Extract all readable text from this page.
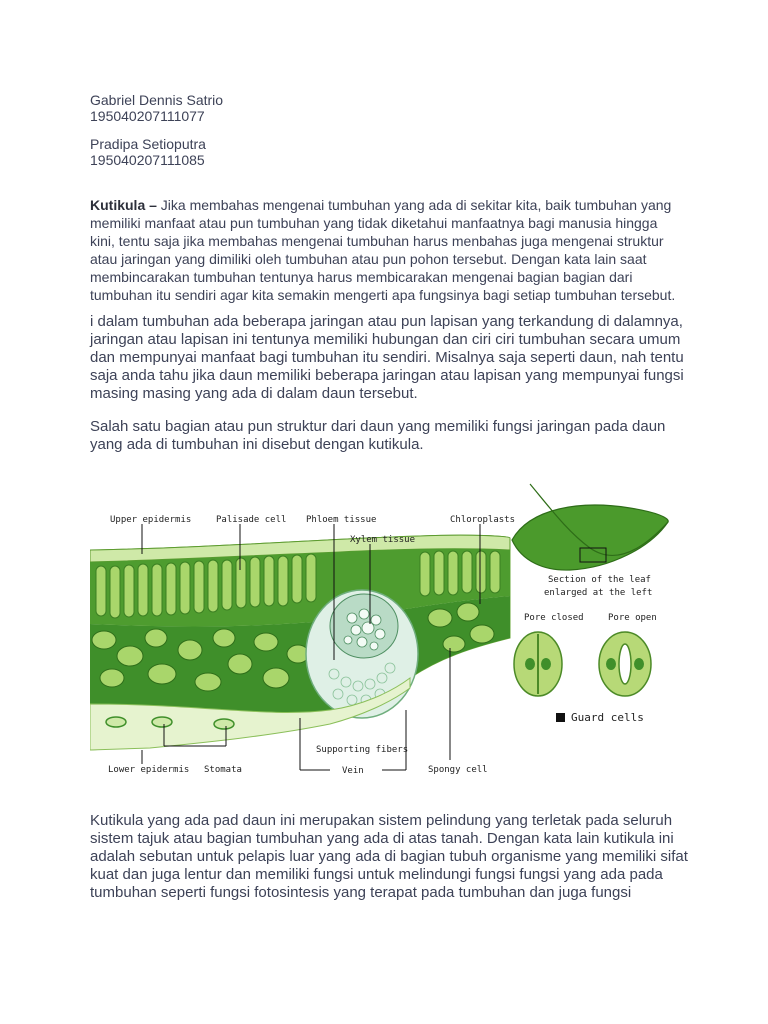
Gabriel Dennis Satrio
195040207111077
Pradipa Setioputra
195040207111085
Kutikula – Jika membahas mengenai tumbuhan yang ada di sekitar kita, baik tumbuhan yang memiliki manfaat atau pun tumbuhan yang tidak diketahui manfaatnya bagi manusia hingga kini, tentu saja jika membahas mengenai tumbuhan harus menbahas juga mengenai struktur atau jaringan yang dimiliki oleh tumbuhan atau pun pohon tersebut. Dengan kata lain saat membincarakan tumbuhan tentunya harus membicarakan mengenai bagian bagian dari tumbuhan itu sendiri agar kita semakin mengerti apa fungsinya bagi setiap tumbuhan tersebut.
i dalam tumbuhan ada beberapa jaringan atau pun lapisan yang terkandung di dalamnya, jaringan atau lapisan ini tentunya memiliki hubungan dan ciri ciri tumbuhan secara umum dan mempunyai manfaat bagi tumbuhan itu sendiri. Misalnya saja seperti daun, nah tentu saja anda tahu jika daun memiliki beberapa jaringan atau lapisan yang mempunyai fungsi masing masing yang ada di dalam daun tersebut.
Salah satu bagian atau pun struktur dari daun yang memiliki fungsi jaringan pada daun yang ada di tumbuhan ini disebut dengan kutikula.
Upper epidermis	Palisade cell Phloem tissue
Xylem tissue
Chloroplasts
Section of the leaf
enlarged at the left
Pore closed	Pore open
Guard cells
Supporting fibers
Lower epidermis Stomata	Vein	Spongy cell
Kutikula yang ada pad daun ini merupakan sistem pelindung yang terletak pada seluruh sistem tajuk atau bagian tumbuhan yang ada di atas tanah. Dengan kata lain kutikula ini adalah sebutan untuk pelapis luar yang ada di bagian tubuh organisme yang memiliki sifat kuat dan juga lentur dan memiliki fungsi untuk melindungi fungsi fungsi yang ada pada tumbuhan seperti fungsi fotosintesis yang terapat pada tumbuhan dan juga fungsi
